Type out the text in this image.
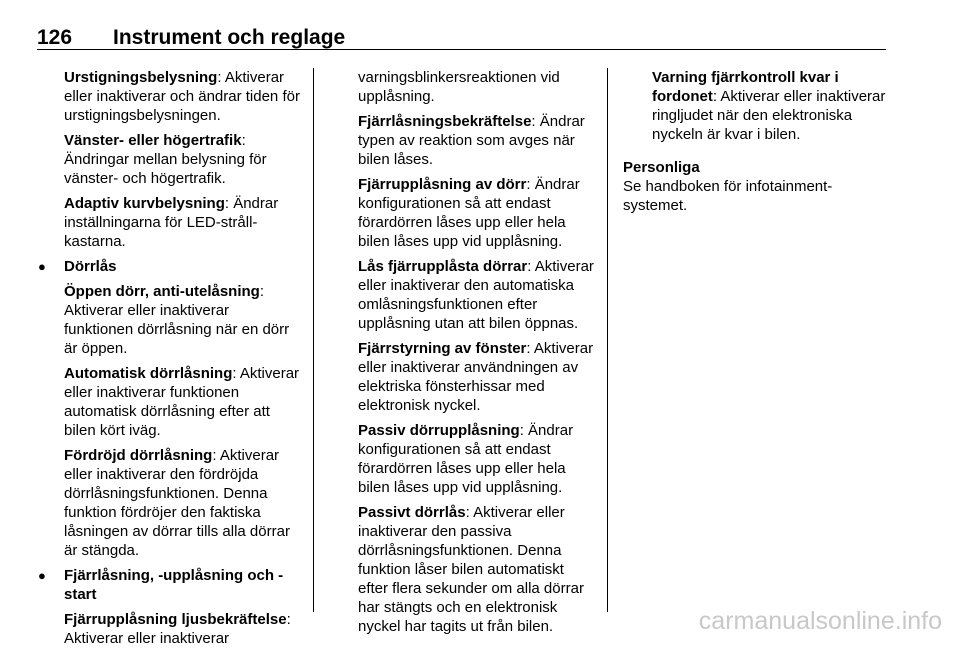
126 Instrument och reglage

Urstigningsbelysning: Aktiverar eller inaktiverar och ändrar tiden för urstigningsbelysningen.

Vänster- eller högertrafik: Ändringar mellan belysning för vänster- och högertrafik.

Adaptiv kurvbelysning: Ändrar inställningarna för LED-stråll-kastarna.

● Dörrlås

Öppen dörr, anti-utelåsning: Aktiverar eller inaktiverar funktionen dörrlåsning när en dörr är öppen.

Automatisk dörrlåsning: Aktiverar eller inaktiverar funktionen automatisk dörrlåsning efter att bilen kört iväg.

Fördröjd dörrlåsning: Aktiverar eller inaktiverar den fördröjda dörrlåsningsfunktionen. Denna funktion fördröjer den faktiska låsningen av dörrar tills alla dörrar är stängda.

● Fjärrlåsning, -upplåsning och -start

Fjärrupplåsning ljusbekräftelse: Aktiverar eller inaktiverar

varningsblinkersreaktionen vid upplåsning.

Fjärrlåsningsbekräftelse: Ändrar typen av reaktion som avges när bilen låses.

Fjärrupplåsning av dörr: Ändrar konfigurationen så att endast förardörren låses upp eller hela bilen låses upp vid upplåsning.

Lås fjärrupplåsta dörrar: Aktiverar eller inaktiverar den automatiska omlåsningsfunktionen efter upplåsning utan att bilen öppnas.

Fjärrstyrning av fönster: Aktiverar eller inaktiverar användningen av elektriska fönsterhissar med elektronisk nyckel.

Passiv dörrupplåsning: Ändrar konfigurationen så att endast förardörren låses upp eller hela bilen låses upp vid upplåsning.

Passivt dörrlås: Aktiverar eller inaktiverar den passiva dörrlåsningsfunktionen. Denna funktion låser bilen automatiskt efter flera sekunder om alla dörrar har stängts och en elektronisk nyckel har tagits ut från bilen.

Varning fjärrkontroll kvar i fordonet: Aktiverar eller inaktiverar ringljudet när den elektroniska nyckeln är kvar i bilen.

Personliga
Se handboken för infotainment-systemet.
carmanualsonline.info
